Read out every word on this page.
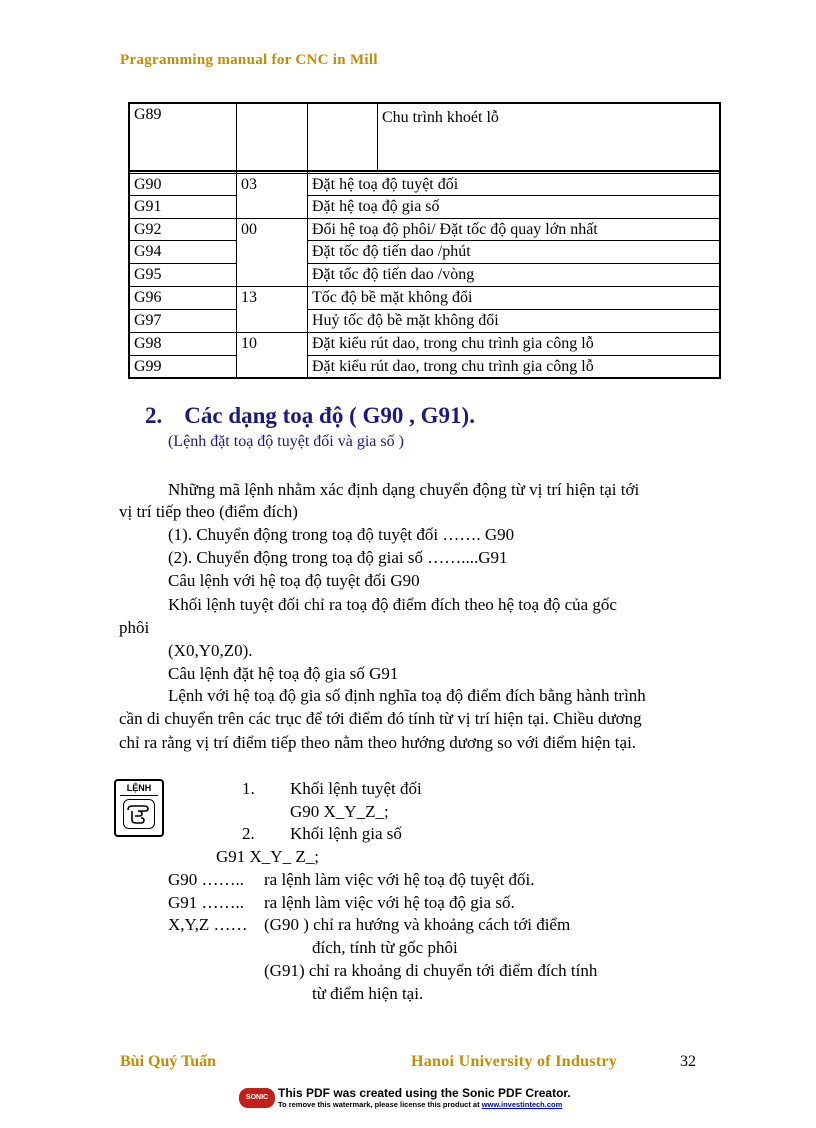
Pragramming manual for CNC in Mill
G89	Chu trình khoét lỗ
G90	03	Đặt hệ toạ độ tuyệt đối
G91	Đặt hệ toạ độ gia số
G92	00	Đổi hệ toạ độ phôi/ Đặt tốc độ quay lớn nhất
G94	Đặt tốc độ tiến dao /phút
G95	Đặt tốc độ tiến dao /vòng
G96	13	Tốc độ bề mặt không đổi
G97	Huỷ tốc độ bề mặt không đổi
G98	10	Đặt kiểu rút dao, trong chu trình gia công lỗ
G99	Đặt kiểu rút dao, trong chu trình gia công lỗ
2. Các dạng toạ độ ( G90 , G91).
(Lệnh đặt toạ độ tuyệt đối và gia số )
Những mã lệnh nhằm xác định dạng chuyển động từ vị trí hiện tại tới
vị trí tiếp theo (điểm đích)
(1). Chuyển động trong toạ độ tuyệt đối ……. G90
(2). Chuyển động trong toạ độ giai số ……....G91
Câu lệnh với hệ toạ độ tuyệt đối G90
Khối lệnh tuyệt đối chỉ ra toạ độ điểm đích theo hệ toạ độ của gốc
phôi
(X0,Y0,Z0).
Câu lệnh đặt hệ toạ độ gia số G91
Lệnh với hệ toạ độ gia số định nghĩa toạ độ điểm đích bằng hành trình
cần di chuyển trên các trục để tới điểm đó tính từ vị trí hiện tại. Chiều dương
chỉ ra rằng vị trí điểm tiếp theo nằm theo hướng dương so với điểm hiện tại.
LỆNH	1. Khối lệnh tuyệt đối
G90 X_Y_Z_;
2. Khối lệnh gia số
G91 X_Y_ Z_;
G90 …….. ra lệnh làm việc với hệ toạ độ tuyệt đối.
G91 …….. ra lệnh làm việc với hệ toạ độ gia số.
X,Y,Z …… (G90 ) chỉ ra hướng và khoảng cách tới điểm
đích, tính từ gốc phôi
(G91) chỉ ra khoảng di chuyển tới điểm đích tính
từ điểm hiện tại.
Bùi Quý Tuấn	Hanoi University of Industry	32
SONIC PDF
This PDF was created using the Sonic PDF Creator.
To remove this watermark, please license this product at www.investintech.com
